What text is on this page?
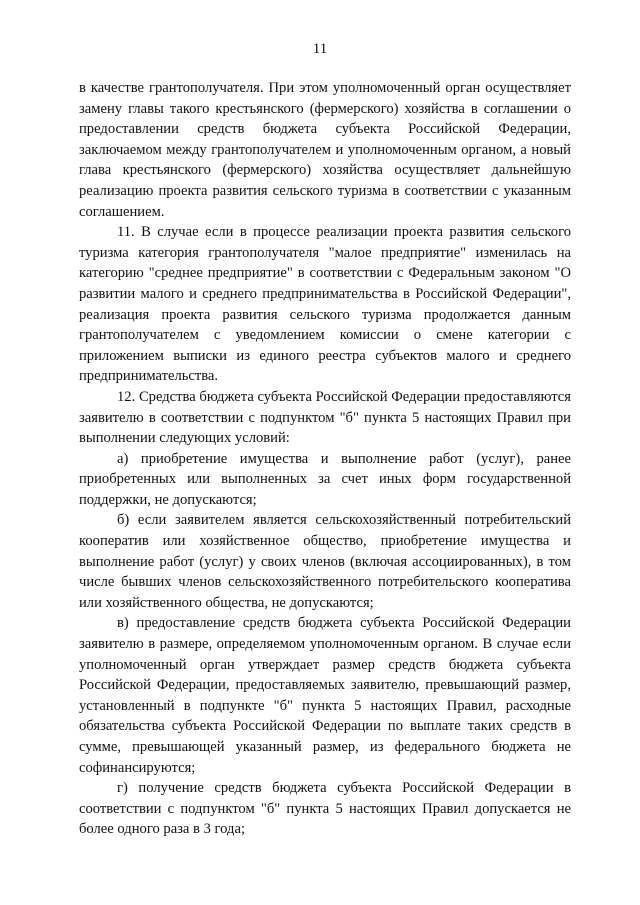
11

в качестве грантополучателя. При этом уполномоченный орган осуществляет замену главы такого крестьянского (фермерского) хозяйства в соглашении о предоставлении средств бюджета субъекта Российской Федерации, заключаемом между грантополучателем и уполномоченным органом, а новый глава крестьянского (фермерского) хозяйства осуществляет дальнейшую реализацию проекта развития сельского туризма в соответствии с указанным соглашением.

11. В случае если в процессе реализации проекта развития сельского туризма категория грантополучателя "малое предприятие" изменилась на категорию "среднее предприятие" в соответствии с Федеральным законом "О развитии малого и среднего предпринимательства в Российской Федерации", реализация проекта развития сельского туризма продолжается данным грантополучателем с уведомлением комиссии о смене категории с приложением выписки из единого реестра субъектов малого и среднего предпринимательства.

12. Средства бюджета субъекта Российской Федерации предоставляются заявителю в соответствии с подпунктом "б" пункта 5 настоящих Правил при выполнении следующих условий:

а) приобретение имущества и выполнение работ (услуг), ранее приобретенных или выполненных за счет иных форм государственной поддержки, не допускаются;

б) если заявителем является сельскохозяйственный потребительский кооператив или хозяйственное общество, приобретение имущества и выполнение работ (услуг) у своих членов (включая ассоциированных), в том числе бывших членов сельскохозяйственного потребительского кооператива или хозяйственного общества, не допускаются;

в) предоставление средств бюджета субъекта Российской Федерации заявителю в размере, определяемом уполномоченным органом. В случае если уполномоченный орган утверждает размер средств бюджета субъекта Российской Федерации, предоставляемых заявителю, превышающий размер, установленный в подпункте "б" пункта 5 настоящих Правил, расходные обязательства субъекта Российской Федерации по выплате таких средств в сумме, превышающей указанный размер, из федерального бюджета не софинансируются;

г) получение средств бюджета субъекта Российской Федерации в соответствии с подпунктом "б" пункта 5 настоящих Правил допускается не более одного раза в 3 года;
